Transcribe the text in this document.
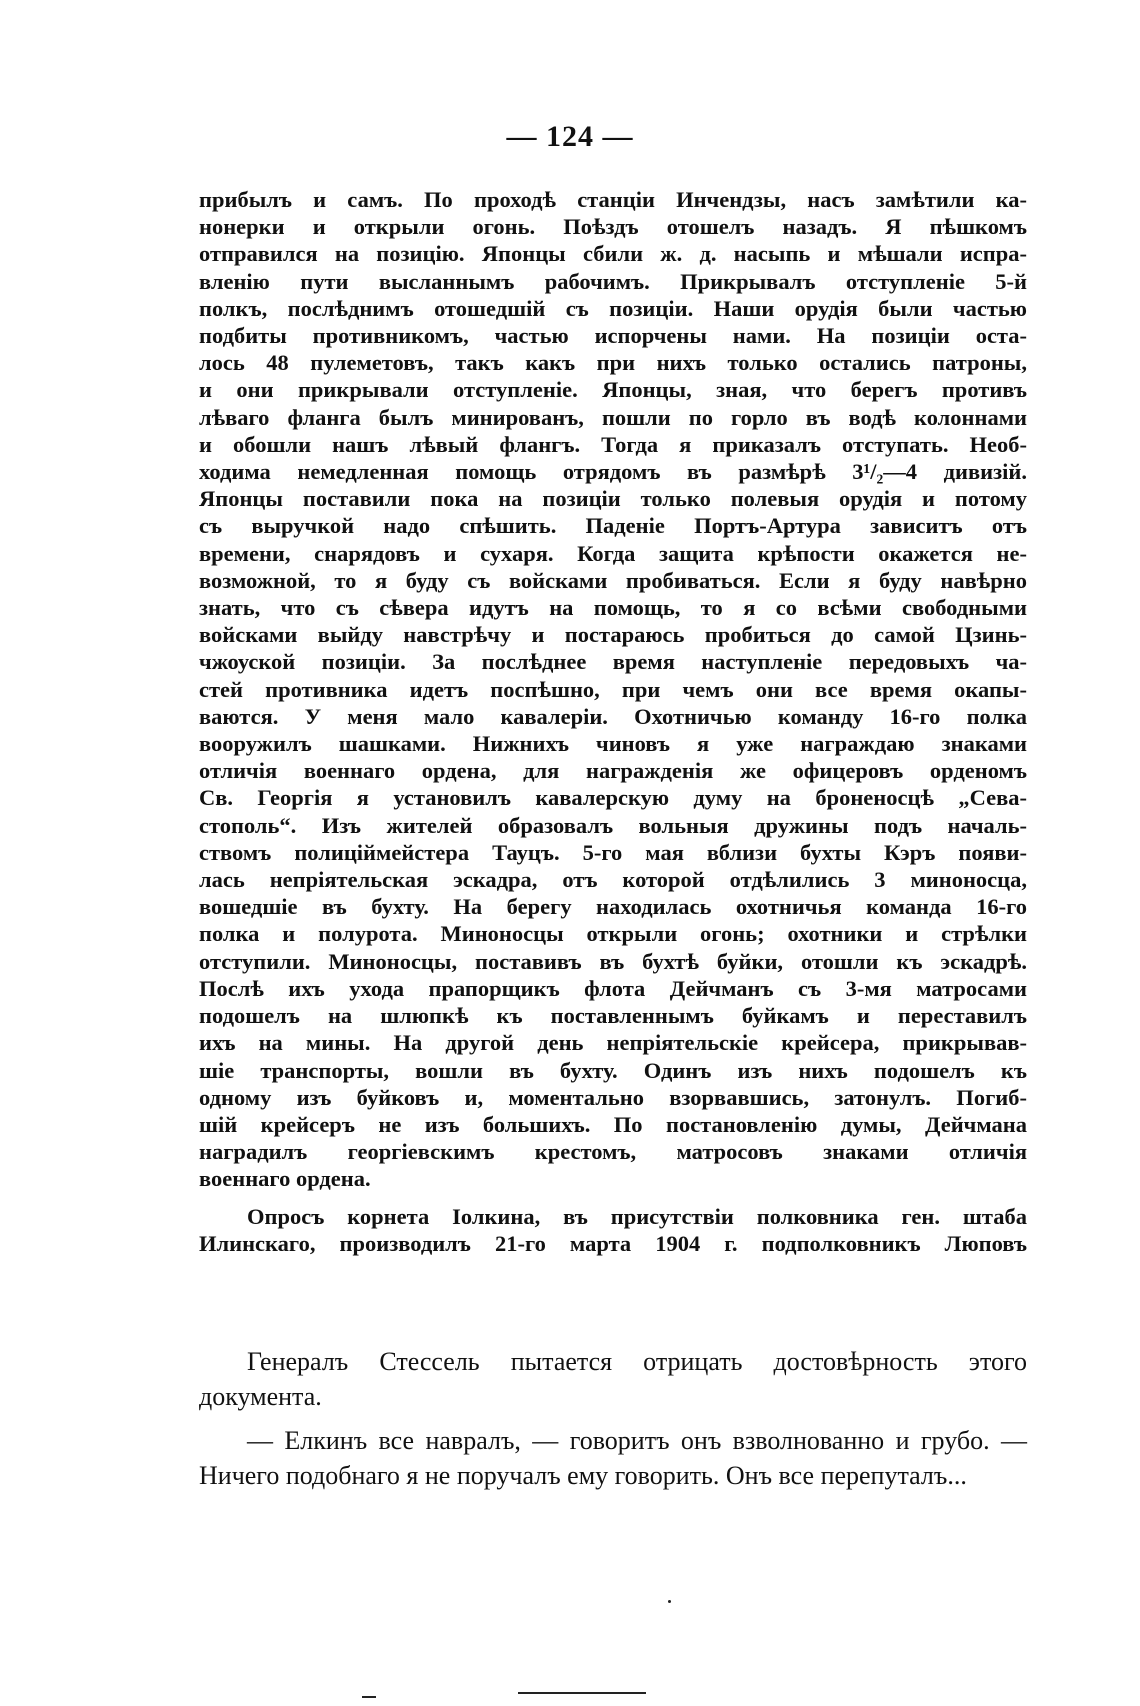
— 124 —
прибылъ и самъ. По проходѣ станціи Инчендзы, насъ замѣтили ка-
нонерки и открыли огонь. Поѣздъ отошелъ назадъ. Я пѣшкомъ
отправился на позицію. Японцы сбили ж. д. насыпь и мѣшали испра-
вленію пути высланнымъ рабочимъ. Прикрывалъ отступленіе 5-й
полкъ, послѣднимъ отошедшій съ позиціи. Наши орудія были частью
подбиты противникомъ, частью испорчены нами. На позиціи оста-
лось 48 пулеметовъ, такъ какъ при нихъ только остались патроны,
и они прикрывали отступленіе. Японцы, зная, что берегъ противъ
лѣваго фланга былъ минированъ, пошли по горло въ водѣ колоннами
и обошли нашъ лѣвый флангъ. Тогда я приказалъ отступать. Необ-
ходима немедленная помощь отрядомъ въ размѣрѣ 3¹/₂—4 дивизій.
Японцы поставили пока на позиціи только полевыя орудія и потому
съ выручкой надо спѣшить. Паденіе Портъ-Артура зависитъ отъ
времени, снарядовъ и сухаря. Когда защита крѣпости окажется не-
возможной, то я буду съ войсками пробиваться. Если я буду навѣрно
знать, что съ сѣвера идутъ на помощь, то я со всѣми свободными
войсками выйду навстрѣчу и постараюсь пробиться до самой Цзинь-
чжоуской позиціи. За послѣднее время наступленіе передовыхъ ча-
стей противника идетъ поспѣшно, при чемъ они все время окапы-
ваются. У меня мало кавалеріи. Охотничью команду 16-го полка
вооружилъ шашками. Нижнихъ чиновъ я уже награждаю знаками
отличія военнаго ордена, для награжденія же офицеровъ орденомъ
Св. Георгія я установилъ кавалерскую думу на броненосцѣ „Сева-
стополь“. Изъ жителей образовалъ вольныя дружины подъ началь-
ствомъ полиціймейстера Тауцъ. 5-го мая вблизи бухты Кэръ появи-
лась непріятельская эскадра, отъ которой отдѣлились 3 миноносца,
вошедшіе въ бухту. На берегу находилась охотничья команда 16-го
полка и полурота. Миноносцы открыли огонь; охотники и стрѣлки
отступили. Миноносцы, поставивъ въ бухтѣ буйки, отошли къ эскадрѣ.
Послѣ ихъ ухода прапорщикъ флота Дейчманъ съ 3-мя матросами
подошелъ на шлюпкѣ къ поставленнымъ буйкамъ и переставилъ
ихъ на мины. На другой день непріятельскіе крейсера, прикрывав-
шіе транспорты, вошли въ бухту. Одинъ изъ нихъ подошелъ къ
одному изъ буйковъ и, моментально взорвавшись, затонулъ. Погиб-
шій крейсеръ не изъ большихъ. По постановленію думы, Дейчмана
наградилъ георгіевскимъ крестомъ, матросовъ знаками отличія
военнаго ордена.
Опросъ корнета Іолкина, въ присутствіи полковника ген. штаба
Илинскаго, производилъ 21-го марта 1904 г. подполковникъ Люповъ
Генералъ Стессель пытается отрицать достовѣрность этого документа.
— Елкинъ все навралъ, — говоритъ онъ взволнованно и грубо. — Ничего подобнаго я не поручалъ ему говорить. Онъ все перепуталъ...
